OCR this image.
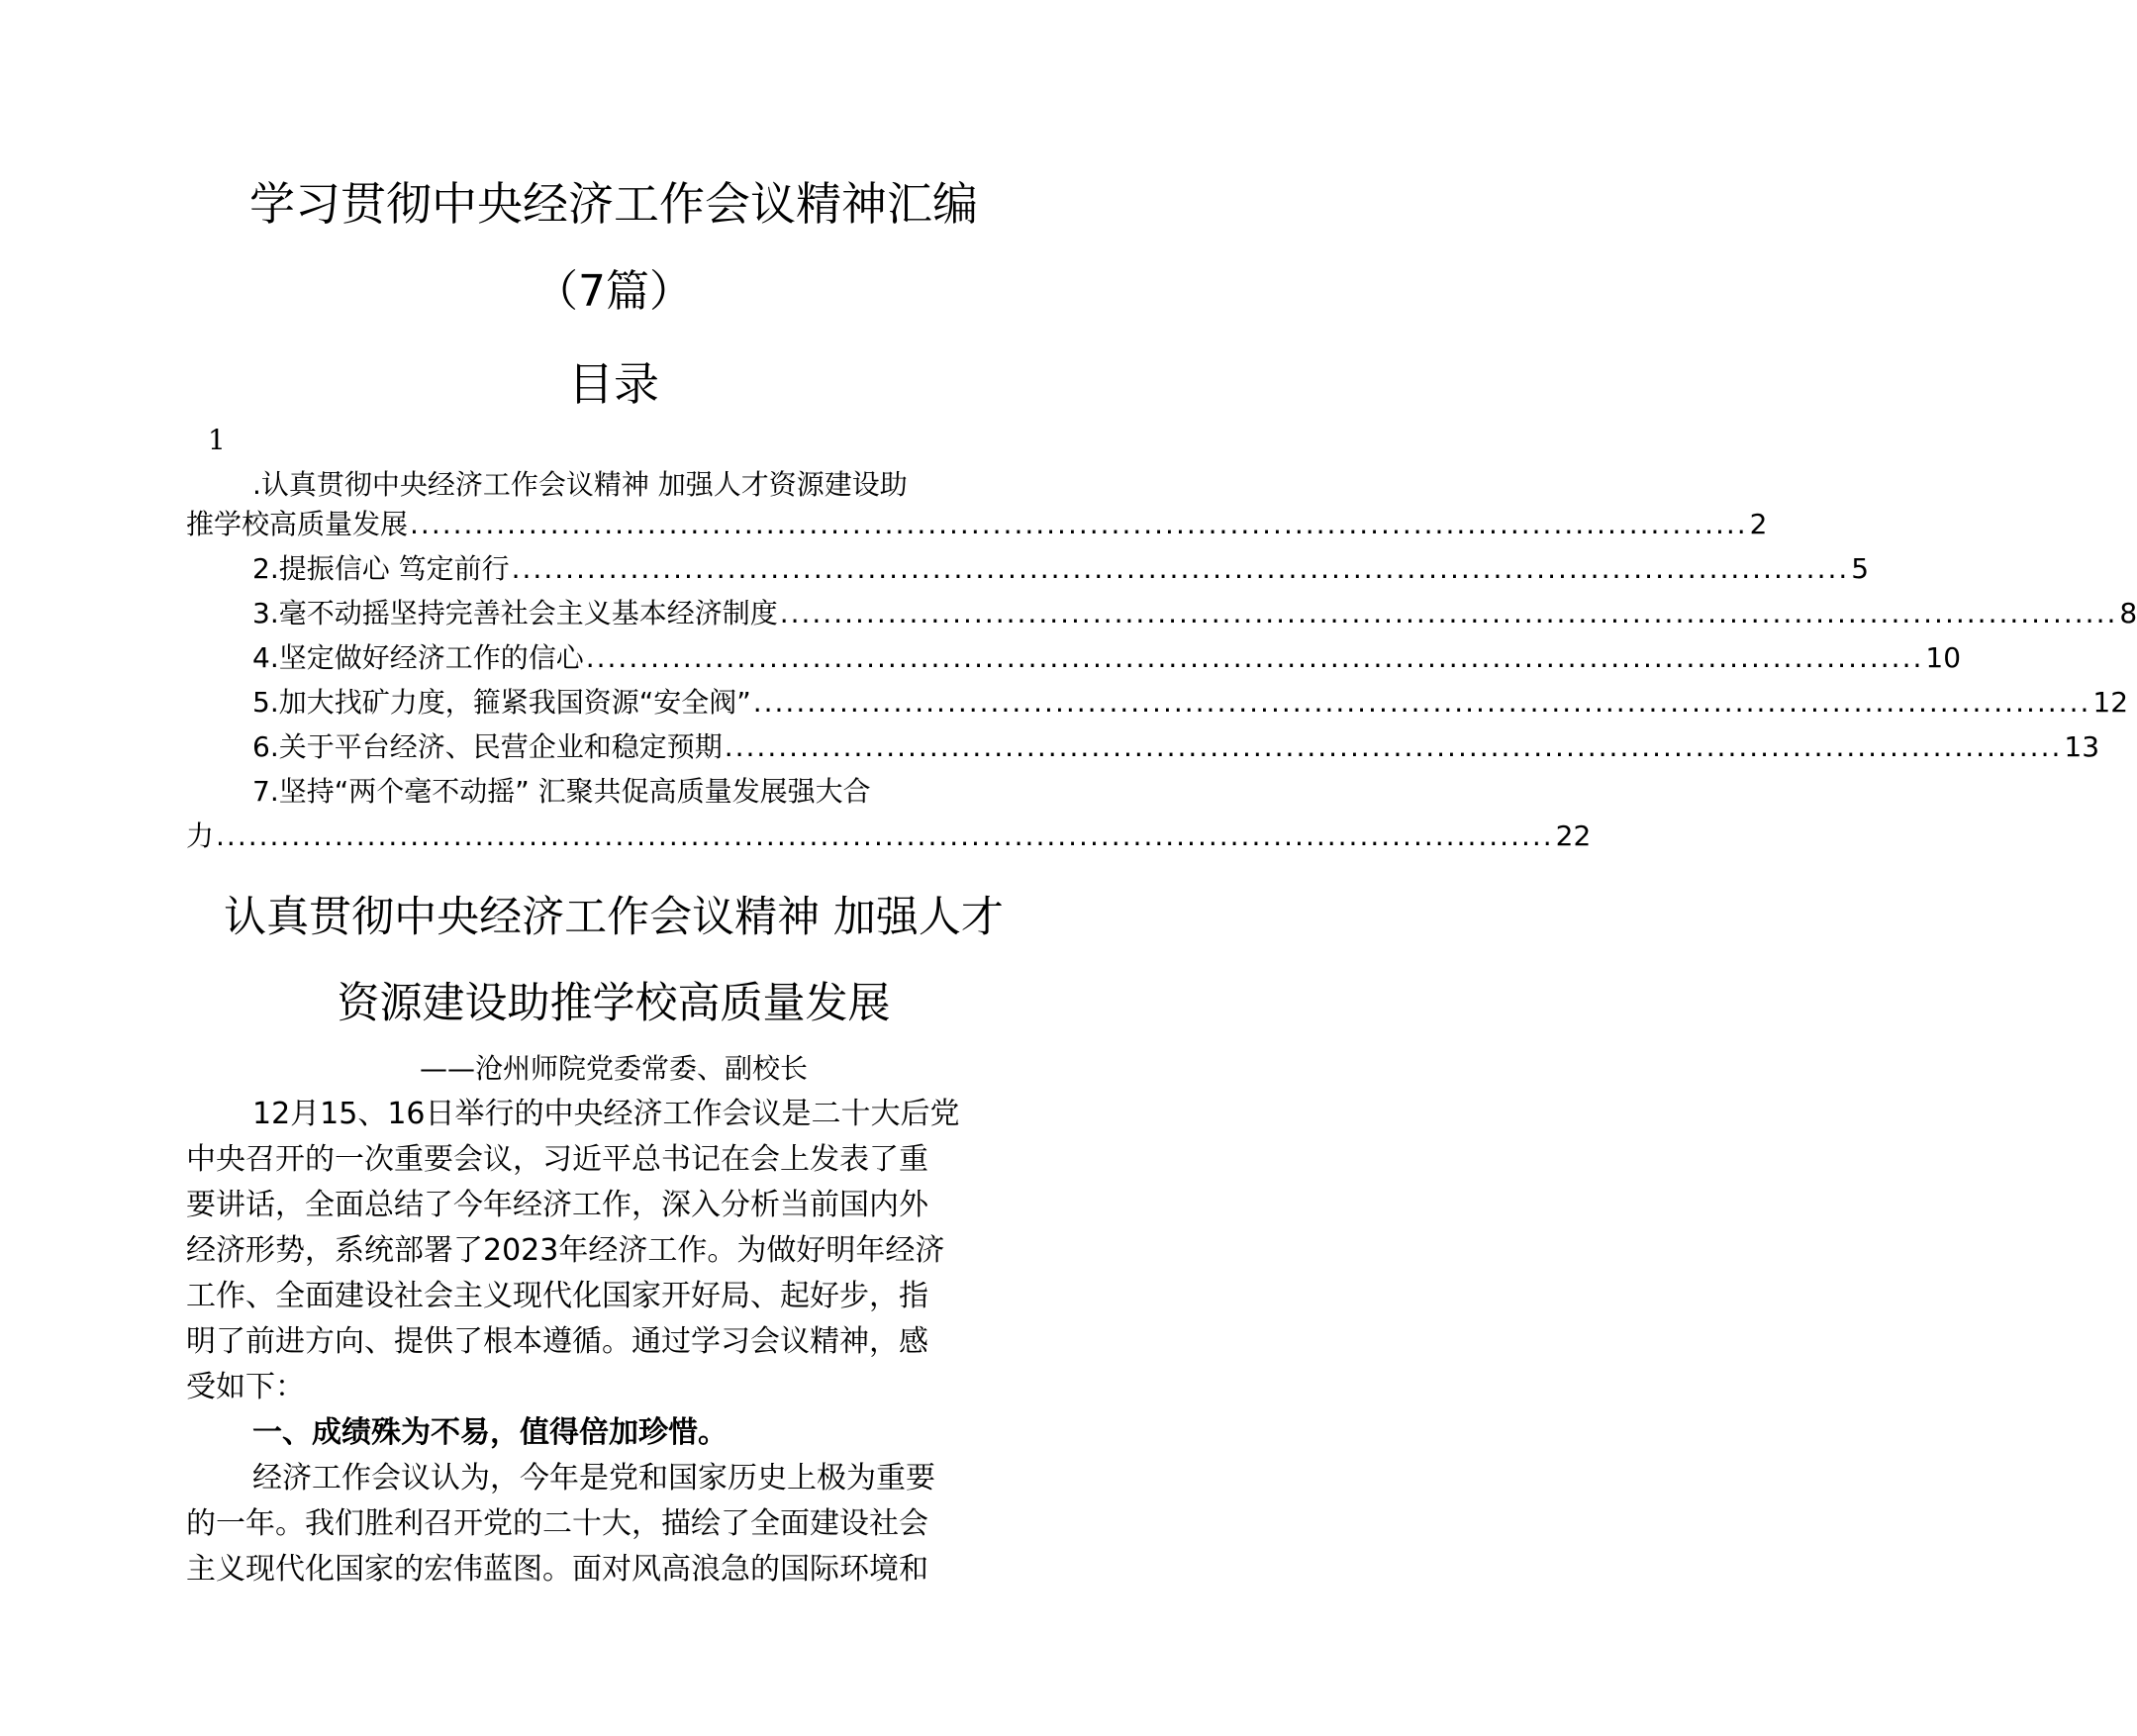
学习贯彻中央经济工作会议精神汇编
（7篇）
目录
1
.认真贯彻中央经济工作会议精神 加强人才资源建设助
推学校高质量发展 ............................................................................................................................ 2
2.提振信心 笃定前行 ............................................................................................................................ 5
3.毫不动摇坚持完善社会主义基本经济制度 ............................................................................................................................ 8
4.坚定做好经济工作的信心 ............................................................................................................................ 10
5.加大找矿力度，箍紧我国资源“安全阀” ............................................................................................................................ 12
6.关于平台经济、民营企业和稳定预期 ............................................................................................................................ 13
7.坚持“两个毫不动摇” 汇聚共促高质量发展强大合
力 ............................................................................................................................ 22
认真贯彻中央经济工作会议精神 加强人才
资源建设助推学校高质量发展
——沧州师院党委常委、副校长
12月15、16日举行的中央经济工作会议是二十大后党
中央召开的一次重要会议，习近平总书记在会上发表了重
要讲话，全面总结了今年经济工作，深入分析当前国内外
经济形势，系统部署了2023年经济工作。为做好明年经济
工作、全面建设社会主义现代化国家开好局、起好步，指
明了前进方向、提供了根本遵循。通过学习会议精神，感
受如下：
一、成绩殊为不易，值得倍加珍惜。
经济工作会议认为，今年是党和国家历史上极为重要
的一年。我们胜利召开党的二十大，描绘了全面建设社会
主义现代化国家的宏伟蓝图。面对风高浪急的国际环境和
